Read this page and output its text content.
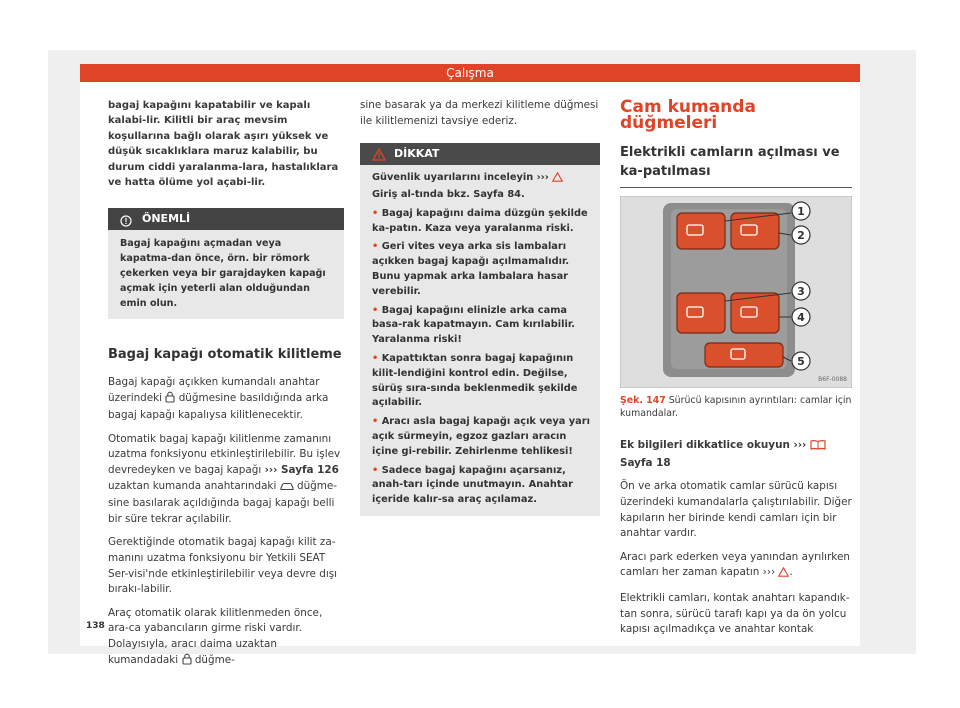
Çalışma

bagaj kapağını kapatabilir ve kapalı kalabi-lir. Kilitli bir araç mevsim koşullarına bağlı olarak aşırı yüksek ve düşük sıcaklıklara maruz kalabilir, bu durum ciddi yaralanma-lara, hastalıklara ve hatta ölüme yol açabi-lir.

ÖNEMLİ
Bagaj kapağını açmadan veya kapatma-dan önce, örn. bir römork çekerken veya bir garajdayken kapağı açmak için yeterli alan olduğundan emin olun.
Bagaj kapağı otomatik kilitleme

Bagaj kapağı açıkken kumandalı anahtar üzerindeki düğmesine basıldığında arka bagaj kapağı kapalıysa kilitlenecektir.

Otomatik bagaj kapağı kilitlenme zamanını uzatma fonksiyonu etkinleştirilebilir. Bu işlev devredeyken ve bagaj kapağı ››› Sayfa 126 uzaktan kumanda anahtarındaki düğme-sine basılarak açıldığında bagaj kapağı belli bir süre tekrar açılabilir.

Gerektiğinde otomatik bagaj kapağı kilit za-manını uzatma fonksiyonu bir Yetkili SEAT Ser-visi'nde etkinleştirilebilir veya devre dışı bırakı-labilir.

Araç otomatik olarak kilitlenmeden önce, ara-ca yabancıların girme riski vardır. Dolayısıyla, aracı daima uzaktan kumandadaki düğme-

138

sine basarak ya da merkezi kilitleme düğmesi ile kilitlemenizi tavsiye ederiz.

DİKKAT

Güvenlik uyarılarını inceleyin ›››  Giriş al-tında bkz. Sayfa 84.

• Bagaj kapağını daima düzgün şekilde ka-patın. Kaza veya yaralanma riski.

• Geri vites veya arka sis lambaları açıkken bagaj kapağı açılmamalıdır. Bunu yapmak arka lambalara hasar verebilir.

• Bagaj kapağını elinizle arka cama basa-rak kapatmayın. Cam kırılabilir. Yaralanma riski!

• Kapattıktan sonra bagaj kapağının kilit-lendiğini kontrol edin. Değilse, sürüş sıra-sında beklenmedik şekilde açılabilir.

• Aracı asla bagaj kapağı açık veya yarı açık sürmeyin, egzoz gazları aracın içine gi-rebilir. Zehirlenme tehlikesi!

• Sadece bagaj kapağını açarsanız, anah-tarı içinde unutmayın. Anahtar içeride kalır-sa araç açılamaz.

Cam kumanda düğmeleri
Elektrikli camların açılması ve ka-patılması
1
2
3
4
5
B6F-0088

Şek. 147 Sürücü kapısının ayrıntıları: camlar için kumandalar.

Ek bilgileri dikkatlice okuyun ›››  Sayfa 18

Ön ve arka otomatik camlar sürücü kapısı üzerindeki kumandalarla çalıştırılabilir. Diğer kapıların her birinde kendi camları için bir anahtar vardır.

Aracı park ederken veya yanından ayrılırken camları her zaman kapatın ››› .

Elektrikli camları, kontak anahtarı kapandık-tan sonra, sürücü tarafı kapı ya da ön yolcu kapısı açılmadıkça ve anahtar kontak
